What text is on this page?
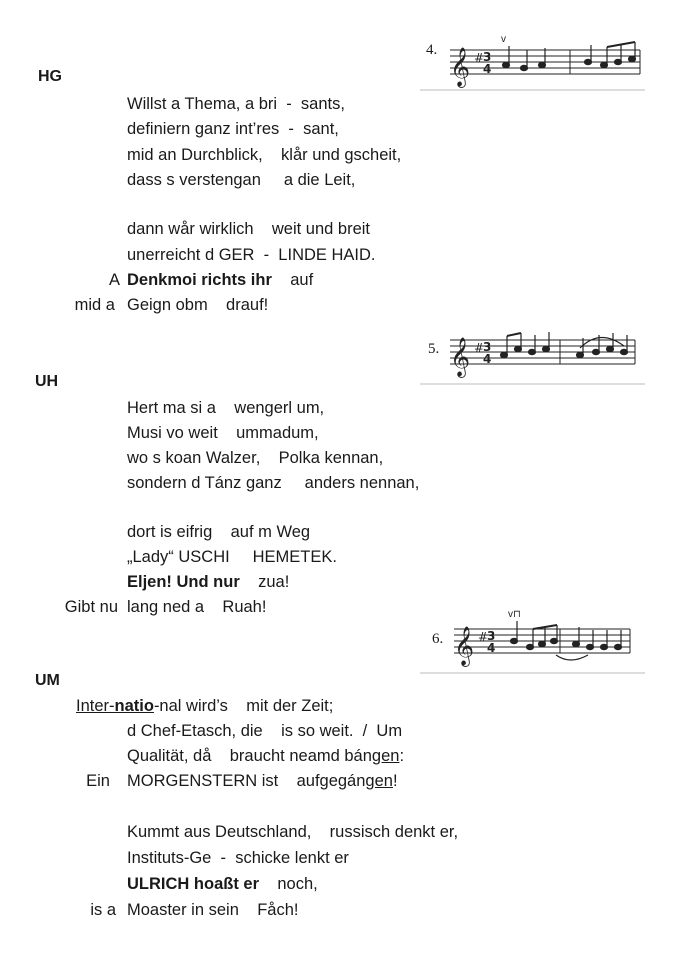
4. 𝄞 #
3
4
v
HG
Willst a Thema, a bri  -  sants,
definiern ganz int’res  -  sant,
mid an Durchblick,    klår und gscheit,
dass s verstengan     a die Leit,
dann wår wirklich    weit und breit
unerreicht d GER  -  LINDE HAID.
A Denkmoi richts ihr    auf
mid a Geign obm    drauf!
5. 𝄞 #
3
4
UH
Hert ma si a    wengerl um,
Musi vo weit    ummadum,
wo s koan Walzer,    Polka kennan,
sondern d Tánz ganz     anders nennan,
dort is eifrig    auf m Weg
„Lady“ USCHI     HEMETEK.
Eljen! Und nur    zua!
Gibt nu lang ned a    Ruah!
6. 𝄞 #
3
4
v⊓
UM
Inter-natio-nal wird’s    mit der Zeit;
d Chef-Etasch, die    is so weit.  /  Um
Qualität, då    braucht neamd bángen:
Ein MORGENSTERN ist    aufgegángen!
Kummt aus Deutschland,    russisch denkt er,
Instituts-Ge  -  schicke lenkt er
ULRICH hoaßt er    noch,
is a Moaster in sein    Fåch!
